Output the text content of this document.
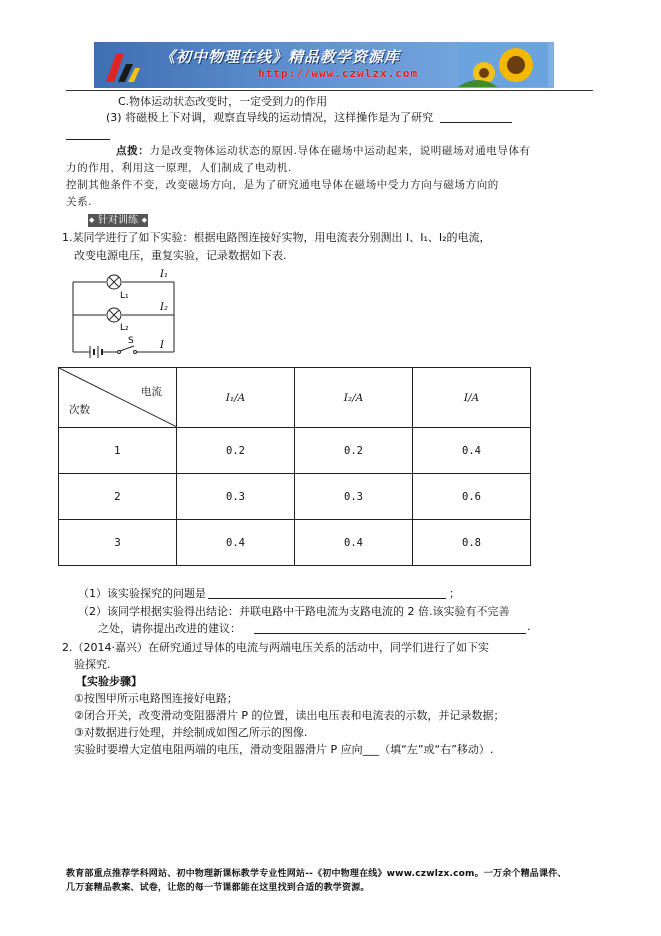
《初中物理在线》精品教学资源库
http://www.czwlzx.com
C.物体运动状态改变时，一定受到力的作用
(3) 将磁极上下对调，观察直导线的运动情况，这样操作是为了研究
点拨：力是改变物体运动状态的原因.导体在磁场中运动起来，说明磁场对通电导体有
力的作用，利用这一原理，人们制成了电动机.
控制其他条件不变，改变磁场方向，是为了研究通电导体在磁场中受力方向与磁场方向的
关系.
◆ 针对训练 ◆
1.某同学进行了如下实验：根据电路图连接好实物，用电流表分别测出 I、I₁、I₂的电流，
改变电源电压，重复实验，记录数据如下表.
I₁
L₁
I₂
L₂
S	I
电流
次数	I₁/A	I₂/A	I/A
1	0.2	0.2	0.4
2	0.3	0.3	0.6
3	0.4	0.4	0.8
（1）该实验探究的问题是	；
（2）该同学根据实验得出结论：并联电路中干路电流为支路电流的 2 倍.该实验有不完善
之处，请你提出改进的建议：	.
2.（2014·嘉兴）在研究通过导体的电流与两端电压关系的活动中，同学们进行了如下实
验探究.
【实验步骤】
①按图甲所示电路图连接好电路；
②闭合开关，改变滑动变阻器滑片 P 的位置，读出电压表和电流表的示数，并记录数据；
③对数据进行处理，并绘制成如图乙所示的图像.
实验时要增大定值电阻两端的电压，滑动变阻器滑片 P 应向___（填“左”或“右”移动）.
教育部重点推荐学科网站、初中物理新课标教学专业性网站--《初中物理在线》www.czwlzx.com。一万余个精品课件、
几万套精品教案、试卷，让您的每一节课都能在这里找到合适的教学资源。
